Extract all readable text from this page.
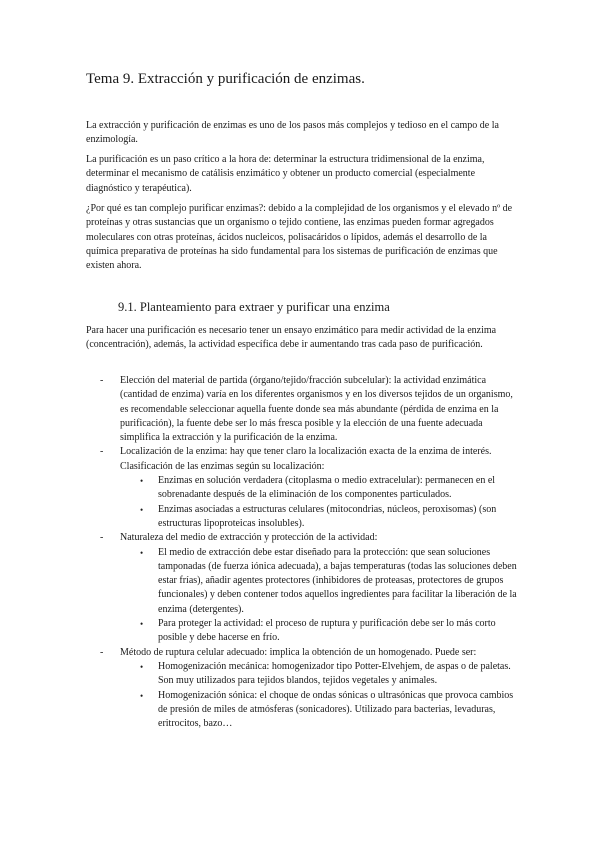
Tema 9. Extracción y purificación de enzimas.

La extracción y purificación de enzimas es uno de los pasos más complejos y tedioso en el campo de la enzimología.

La purificación es un paso crítico a la hora de: determinar la estructura tridimensional de la enzima, determinar el mecanismo de catálisis enzimático y obtener un producto comercial (especialmente diagnóstico y terapéutica).

¿Por qué es tan complejo purificar enzimas?: debido a la complejidad de los organismos y el elevado nº de proteínas y otras sustancias que un organismo o tejido contiene, las enzimas pueden formar agregados moleculares con otras proteínas, ácidos nucleicos, polisacáridos o lípidos, además el desarrollo de la química preparativa de proteínas ha sido fundamental para los sistemas de purificación de enzimas que existen ahora.

9.1. Planteamiento para extraer y purificar una enzima

Para hacer una purificación es necesario tener un ensayo enzimático para medir actividad de la enzima (concentración), además, la actividad específica debe ir aumentando tras cada paso de purificación.

- Elección del material de partida (órgano/tejido/fracción subcelular): la actividad enzimática (cantidad de enzima) varía en los diferentes organismos y en los diversos tejidos de un organismo, es recomendable seleccionar aquella fuente donde sea más abundante (pérdida de enzima en la purificación), la fuente debe ser lo más fresca posible y la elección de una fuente adecuada simplifica la extracción y la purificación de la enzima.
- Localización de la enzima: hay que tener claro la localización exacta de la enzima de interés. Clasificación de las enzimas según su localización:
• Enzimas en solución verdadera (citoplasma o medio extracelular): permanecen en el sobrenadante después de la eliminación de los componentes particulados.
• Enzimas asociadas a estructuras celulares (mitocondrias, núcleos, peroxisomas) (son estructuras lipoproteicas insolubles).
- Naturaleza del medio de extracción y protección de la actividad:
• El medio de extracción debe estar diseñado para la protección: que sean soluciones tamponadas (de fuerza iónica adecuada), a bajas temperaturas (todas las soluciones deben estar frías), añadir agentes protectores (inhibidores de proteasas, protectores de grupos funcionales) y deben contener todos aquellos ingredientes para facilitar la liberación de la enzima (detergentes).
• Para proteger la actividad: el proceso de ruptura y purificación debe ser lo más corto posible y debe hacerse en frío.
- Método de ruptura celular adecuado: implica la obtención de un homogenado. Puede ser:
• Homogenización mecánica: homogenizador tipo Potter-Elvehjem, de aspas o de paletas. Son muy utilizados para tejidos blandos, tejidos vegetales y animales.
• Homogenización sónica: el choque de ondas sónicas o ultrasónicas que provoca cambios de presión de miles de atmósferas (sonicadores). Utilizado para bacterias, levaduras, eritrocitos, bazo…
